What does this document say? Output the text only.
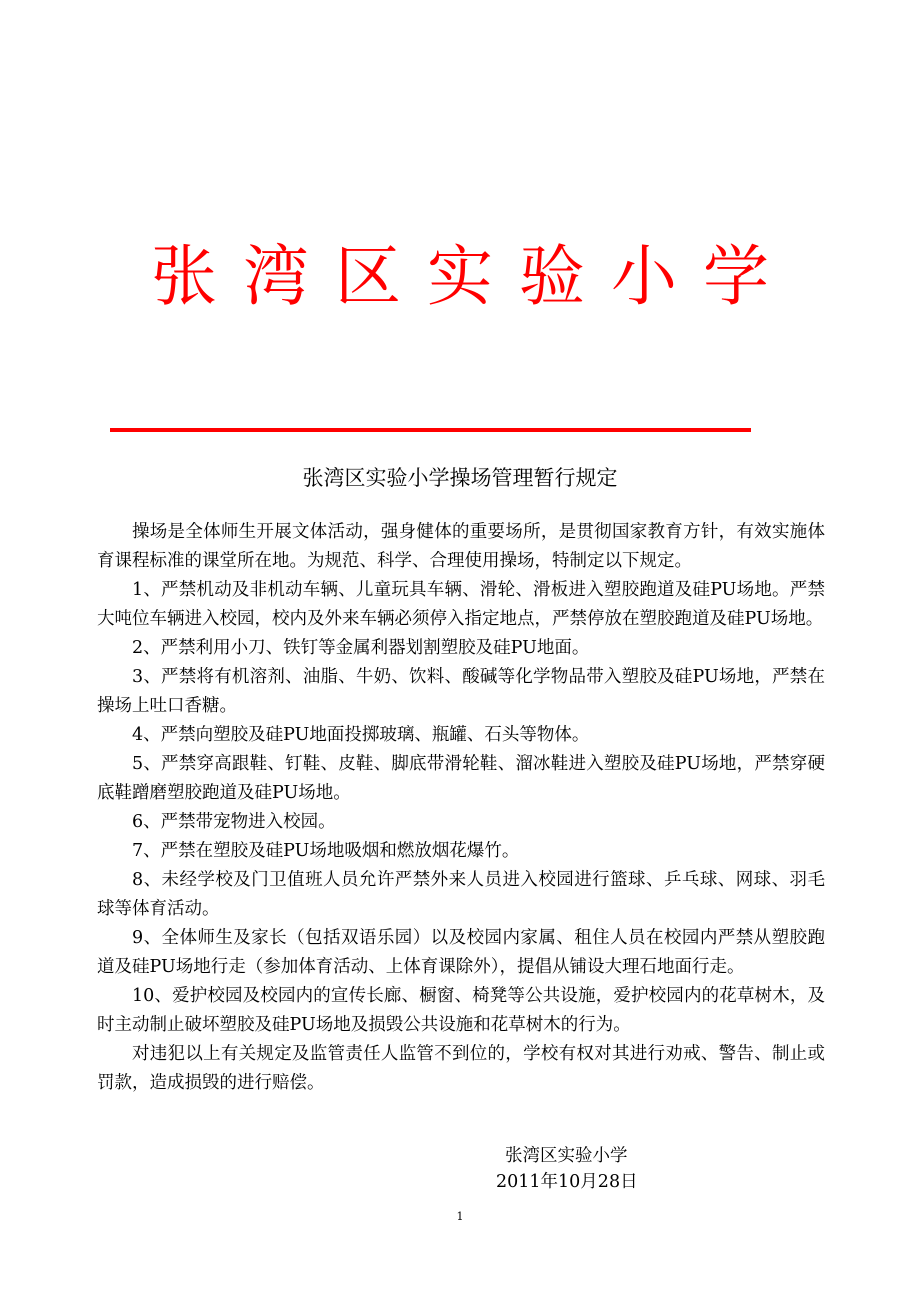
张湾区实验小学
张湾区实验小学操场管理暂行规定

操场是全体师生开展文体活动，强身健体的重要场所，是贯彻国家教育方针，有效实施体育课程标准的课堂所在地。为规范、科学、合理使用操场，特制定以下规定。

1、严禁机动及非机动车辆、儿童玩具车辆、滑轮、滑板进入塑胶跑道及硅PU场地。严禁大吨位车辆进入校园，校内及外来车辆必须停入指定地点，严禁停放在塑胶跑道及硅PU场地。

2、严禁利用小刀、铁钉等金属利器划割塑胶及硅PU地面。

3、严禁将有机溶剂、油脂、牛奶、饮料、酸碱等化学物品带入塑胶及硅PU场地，严禁在操场上吐口香糖。

4、严禁向塑胶及硅PU地面投掷玻璃、瓶罐、石头等物体。

5、严禁穿高跟鞋、钉鞋、皮鞋、脚底带滑轮鞋、溜冰鞋进入塑胶及硅PU场地，严禁穿硬底鞋蹭磨塑胶跑道及硅PU场地。

6、严禁带宠物进入校园。

7、严禁在塑胶及硅PU场地吸烟和燃放烟花爆竹。

8、未经学校及门卫值班人员允许严禁外来人员进入校园进行篮球、乒乓球、网球、羽毛球等体育活动。

9、全体师生及家长（包括双语乐园）以及校园内家属、租住人员在校园内严禁从塑胶跑道及硅PU场地行走（参加体育活动、上体育课除外），提倡从铺设大理石地面行走。

10、爱护校园及校园内的宣传长廊、橱窗、椅凳等公共设施，爱护校园内的花草树木，及时主动制止破坏塑胶及硅PU场地及损毁公共设施和花草树木的行为。

对违犯以上有关规定及监管责任人监管不到位的，学校有权对其进行劝戒、警告、制止或罚款，造成损毁的进行赔偿。

张湾区实验小学
2011年10月28日
1
